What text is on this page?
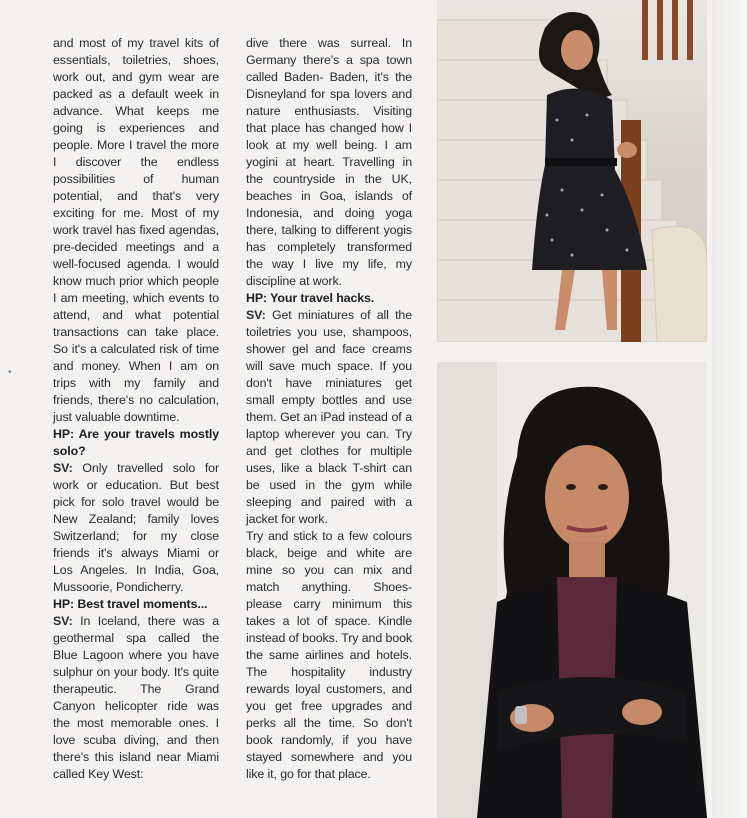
and most of my travel kits of essentials, toiletries, shoes, work out, and gym wear are packed as a default week in advance. What keeps me going is experiences and people. More I travel the more I discover the endless possibilities of human potential, and that's very exciting for me. Most of my work travel has fixed agendas, pre-decided meetings and a well-focused agenda. I would know much prior which people I am meeting, which events to attend, and what potential transactions can take place. So it's a calculated risk of time and money. When I am on trips with my family and friends, there's no calculation, just valuable downtime.

HP: Are your travels mostly solo?

SV: Only travelled solo for work or education. But best pick for solo travel would be New Zealand; family loves Switzerland; for my close friends it's always Miami or Los Angeles. In India, Goa, Mussoorie, Pondicherry.

HP: Best travel moments...

SV: In Iceland, there was a geothermal spa called the Blue Lagoon where you have sulphur on your body. It's quite therapeutic. The Grand Canyon helicopter ride was the most memorable ones. I love scuba diving, and then there's this island near Miami called Key West:

dive there was surreal. In Germany there's a spa town called Baden- Baden, it's the Disneyland for spa lovers and nature enthusiasts. Visiting that place has changed how I look at my well being. I am yogini at heart. Travelling in the countryside in the UK, beaches in Goa, islands of Indonesia, and doing yoga there, talking to different yogis has completely transformed the way I live my life, my discipline at work.

HP: Your travel hacks.

SV: Get miniatures of all the toiletries you use, shampoos, shower gel and face creams will save much space. If you don't have miniatures get small empty bottles and use them. Get an iPad instead of a laptop wherever you can. Try and get clothes for multiple uses, like a black T-shirt can be used in the gym while sleeping and paired with a jacket for work.

Try and stick to a few colours black, beige and white are mine so you can mix and match anything. Shoes- please carry minimum this takes a lot of space. Kindle instead of books. Try and book the same airlines and hotels. The hospitality industry rewards loyal customers, and you get free upgrades and perks all the time. So don't book randomly, if you have stayed somewhere and you like it, go for that place.

•
